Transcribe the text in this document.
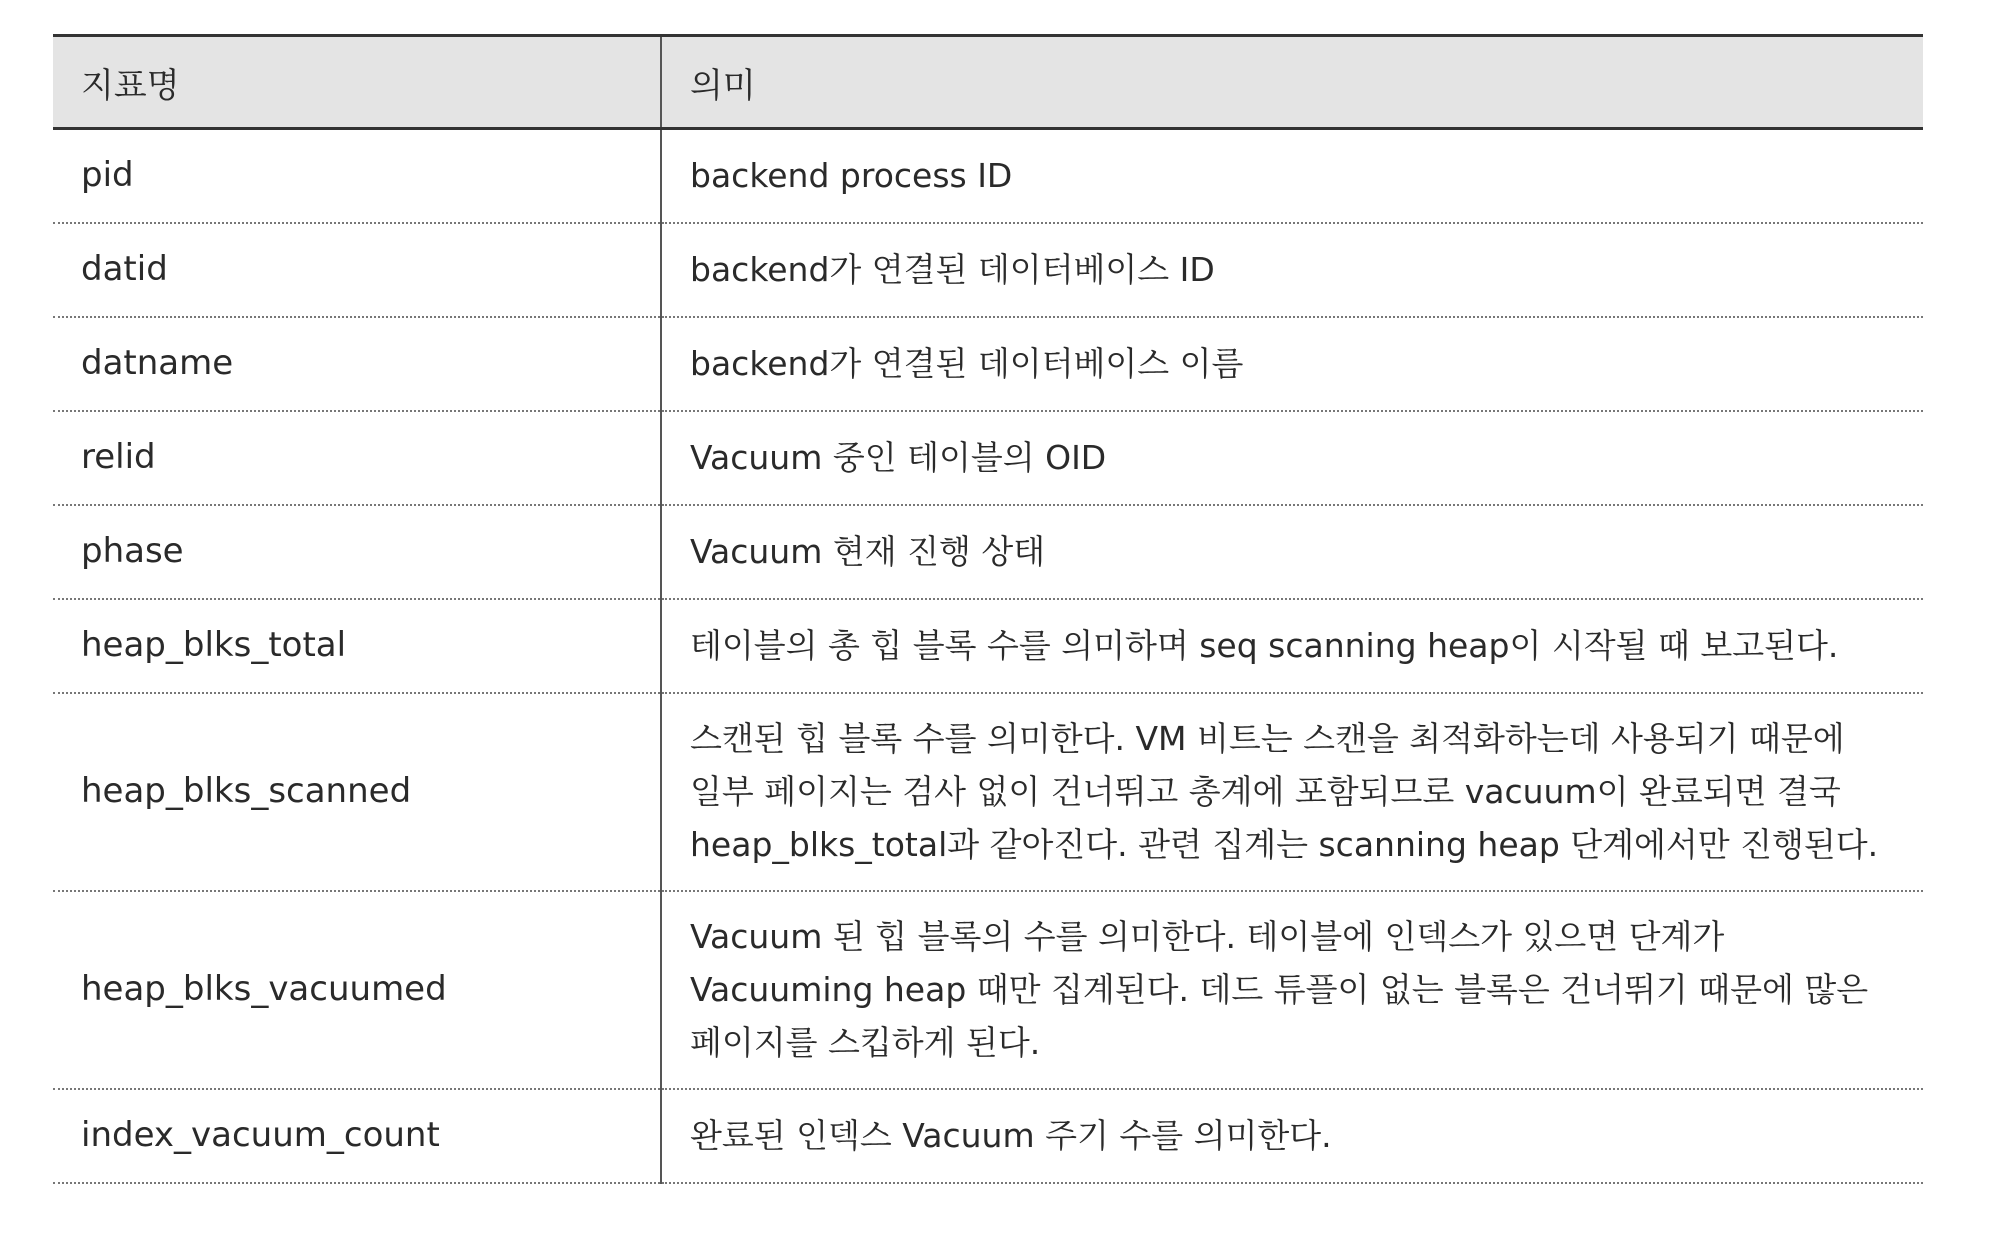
지표명	의미
pid	backend process ID
datid	backend가 연결된 데이터베이스 ID
datname	backend가 연결된 데이터베이스 이름
relid	Vacuum 중인 테이블의 OID
phase	Vacuum 현재 진행 상태
heap_blks_total	테이블의 총 힙 블록 수를 의미하며 seq scanning heap이 시작될 때 보고된다.
heap_blks_scanned	스캔된 힙 블록 수를 의미한다. VM 비트는 스캔을 최적화하는데 사용되기 때문에 일부 페이지는 검사 없이 건너뛰고 총계에 포함되므로 vacuum이 완료되면 결국 heap_blks_total과 같아진다. 관련 집계는 scanning heap 단계에서만 진행된다.
heap_blks_vacuumed	Vacuum 된 힙 블록의 수를 의미한다. 테이블에 인덱스가 있으면 단계가 Vacuuming heap 때만 집계된다. 데드 튜플이 없는 블록은 건너뛰기 때문에 많은 페이지를 스킵하게 된다.
index_vacuum_count	완료된 인덱스 Vacuum 주기 수를 의미한다.
